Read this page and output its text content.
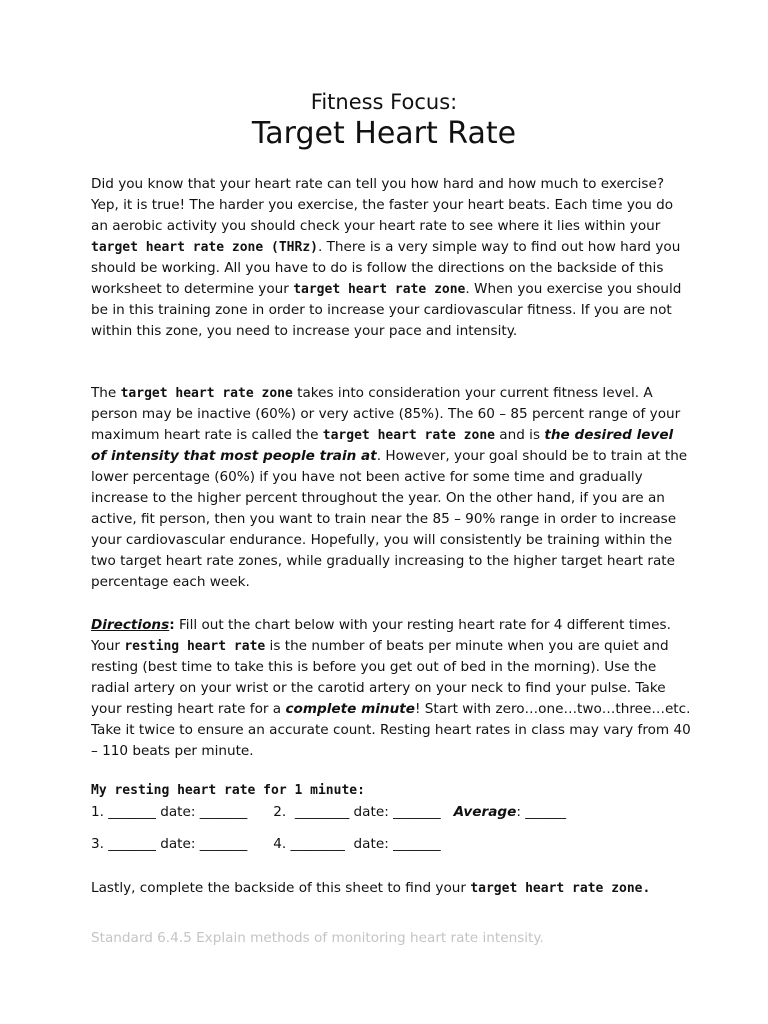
Fitness Focus:
Target Heart Rate

Did you know that your heart rate can tell you how hard and how much to exercise? Yep, it is true! The harder you exercise, the faster your heart beats. Each time you do an aerobic activity you should check your heart rate to see where it lies within your target heart rate zone (THRz). There is a very simple way to find out how hard you should be working. All you have to do is follow the directions on the backside of this worksheet to determine your target heart rate zone. When you exercise you should be in this training zone in order to increase your cardiovascular fitness. If you are not within this zone, you need to increase your pace and intensity.

The target heart rate zone takes into consideration your current fitness level. A person may be inactive (60%) or very active (85%). The 60 – 85 percent range of your maximum heart rate is called the target heart rate zone and is the desired level of intensity that most people train at. However, your goal should be to train at the lower percentage (60%) if you have not been active for some time and gradually increase to the higher percent throughout the year. On the other hand, if you are an active, fit person, then you want to train near the 85 – 90% range in order to increase your cardiovascular endurance. Hopefully, you will consistently be training within the two target heart rate zones, while gradually increasing to the higher target heart rate percentage each week.

Directions: Fill out the chart below with your resting heart rate for 4 different times. Your resting heart rate is the number of beats per minute when you are quiet and resting (best time to take this is before you get out of bed in the morning). Use the radial artery on your wrist or the carotid artery on your neck to find your pulse. Take your resting heart rate for a complete minute! Start with zero…one…two…three…etc. Take it twice to ensure an accurate count. Resting heart rates in class may vary from 40 – 110 beats per minute.

My resting heart rate for 1 minute:
1. _______ date: _______      2.  ________ date: _______   Average: ______
3. _______ date: _______      4. ________  date: _______

Lastly, complete the backside of this sheet to find your target heart rate zone.

Standard 6.4.5 Explain methods of monitoring heart rate intensity.
